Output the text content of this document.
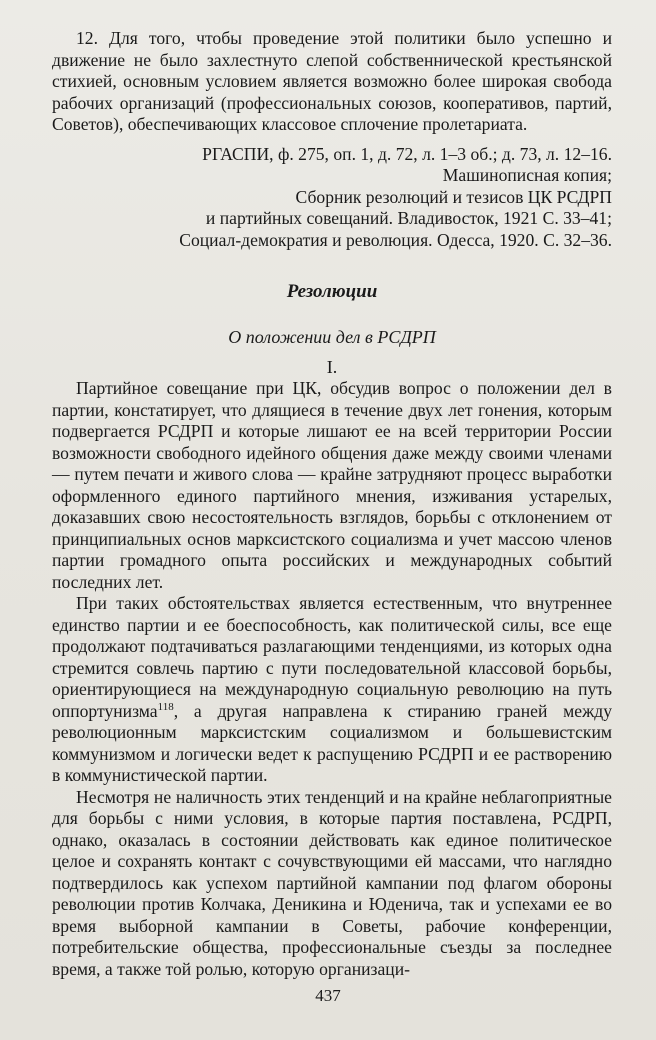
12. Для того, чтобы проведение этой политики было успешно и движение не было захлестнуто слепой собственнической крестьянской стихией, основным условием является возможно более широкая свобода рабочих организаций (профессиональных союзов, кооперативов, партий, Советов), обеспечивающих классовое сплочение пролетариата.

РГАСПИ, ф. 275, оп. 1, д. 72, л. 1–3 об.; д. 73, л. 12–16.
Машинописная копия;
Сборник резолюций и тезисов ЦК РСДРП
и партийных совещаний. Владивосток, 1921 С. 33–41;
Социал-демократия и революция. Одесса, 1920. С. 32–36.
Резолюции
О положении дел в РСДРП
I.

Партийное совещание при ЦК, обсудив вопрос о положении дел в партии, констатирует, что длящиеся в течение двух лет гонения, которым подвергается РСДРП и которые лишают ее на всей территории России возможности свободного идейного общения даже между своими членами — путем печати и живого слова — крайне затрудняют процесс выработки оформленного единого партийного мнения, изживания устарелых, доказавших свою несостоятельность взглядов, борьбы с отклонением от принципиальных основ марксистского социализма и учет массою членов партии громадного опыта российских и международных событий последних лет.

При таких обстоятельствах является естественным, что внутреннее единство партии и ее боеспособность, как политической силы, все еще продолжают подтачиваться разлагающими тенденциями, из которых одна стремится совлечь партию с пути последовательной классовой борьбы, ориентирующиеся на международную социальную революцию на путь оппортунизма$^{118}$, а другая направлена к стиранию граней между революционным марксистским социализмом и большевистским коммунизмом и логически ведет к распущению РСДРП и ее растворению в коммунистической партии.

Несмотря не наличность этих тенденций и на крайне неблагоприятные для борьбы с ними условия, в которые партия поставлена, РСДРП, однако, оказалась в состоянии действовать как единое политическое целое и сохранять контакт с сочувствующими ей массами, что наглядно подтвердилось как успехом партийной кампании под флагом обороны революции против Колчака, Деникина и Юденича, так и успехами ее во время выборной кампании в Советы, рабочие конференции, потребительские общества, профессиональные съезды за последнее время, а также той ролью, которую организаци-

437
